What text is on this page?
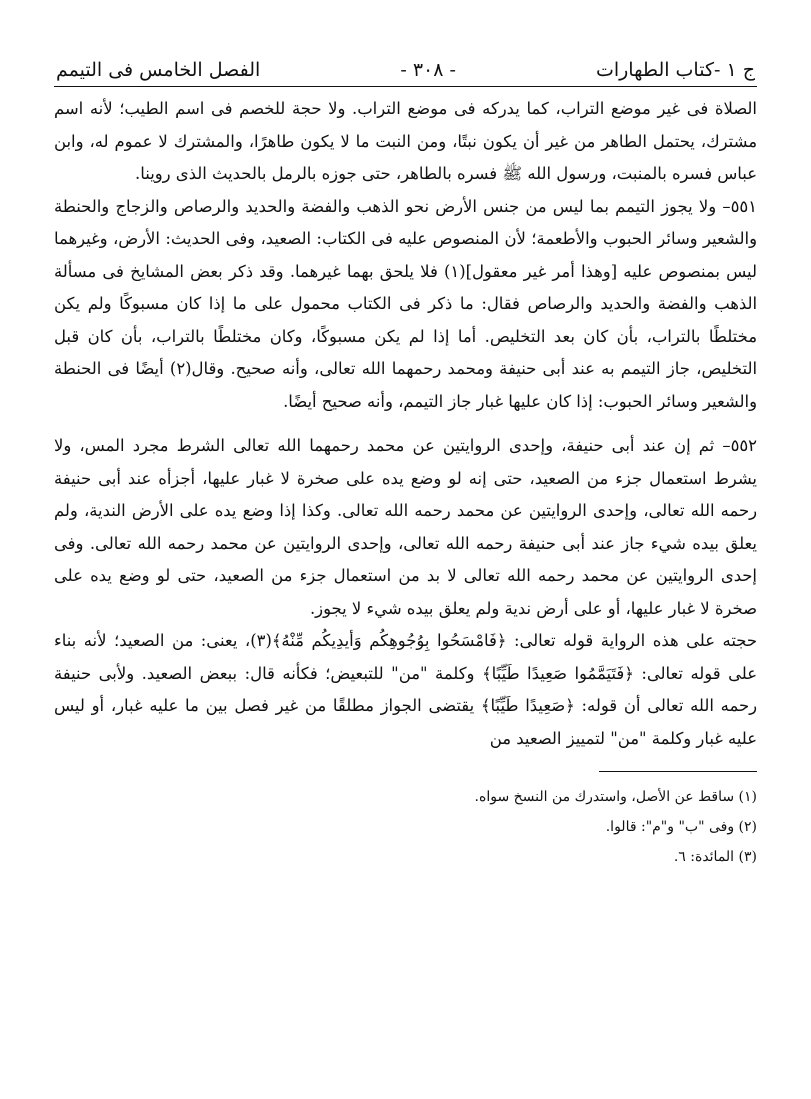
ج ١ -كتاب الطهارات
- ٣٠٨ -
الفصل الخامس فى التيمم

الصلاة فى غير موضع التراب، كما يدركه فى موضع التراب. ولا حجة للخصم فى اسم الطيب؛ لأنه اسم مشترك، يحتمل الطاهر من غير أن يكون نبتًا، ومن النبت ما لا يكون طاهرًا، والمشترك لا عموم له، وابن عباس فسره بالمنبت، ورسول الله ﷺ فسره بالطاهر، حتى جوزه بالرمل بالحديث الذى روينا.

٥٥١– ولا يجوز التيمم بما ليس من جنس الأرض نحو الذهب والفضة والحديد والرصاص والزجاج والحنطة والشعير وسائر الحبوب والأطعمة؛ لأن المنصوص عليه فى الكتاب: الصعيد، وفى الحديث: الأرض، وغيرهما ليس بمنصوص عليه [وهذا أمر غير معقول](١) فلا يلحق بهما غيرهما. وقد ذكر بعض المشايخ فى مسألة الذهب والفضة والحديد والرصاص فقال: ما ذكر فى الكتاب محمول على ما إذا كان مسبوكًا ولم يكن مختلطًا بالتراب، بأن كان بعد التخليص. أما إذا لم يكن مسبوكًا، وكان مختلطًا بالتراب، بأن كان قبل التخليص، جاز التيمم به عند أبى حنيفة ومحمد رحمهما الله تعالى، وأنه صحيح. وقال(٢) أيضًا فى الحنطة والشعير وسائر الحبوب: إذا كان عليها غبار جاز التيمم، وأنه صحيح أيضًا.

٥٥٢– ثم إن عند أبى حنيفة، وإحدى الروايتين عن محمد رحمهما الله تعالى الشرط مجرد المس، ولا يشرط استعمال جزء من الصعيد، حتى إنه لو وضع يده على صخرة لا غبار عليها، أجزأه عند أبى حنيفة رحمه الله تعالى، وإحدى الروايتين عن محمد رحمه الله تعالى. وكذا إذا وضع يده على الأرض الندية، ولم يعلق بيده شيء جاز عند أبى حنيفة رحمه الله تعالى، وإحدى الروايتين عن محمد رحمه الله تعالى. وفى إحدى الروايتين عن محمد رحمه الله تعالى لا بد من استعمال جزء من الصعيد، حتى لو وضع يده على صخرة لا غبار عليها، أو على أرض ندية ولم يعلق بيده شيء لا يجوز.

حجته على هذه الرواية قوله تعالى: ﴿فَامْسَحُوا بِوُجُوهِكُم وَأيدِيكُم مِّنْهُ﴾(٣)، يعنى: من الصعيد؛ لأنه بناء على قوله تعالى: ﴿فَتَيَمَّمُوا صَعِيدًا طَيِّبًا﴾ وكلمة "من" للتبعيض؛ فكأنه قال: ببعض الصعيد. ولأبى حنيفة رحمه الله تعالى أن قوله: ﴿صَعِيدًا طَيِّبًا﴾ يقتضى الجواز مطلقًا من غير فصل بين ما عليه غبار، أو ليس عليه غبار وكلمة "من" لتمييز الصعيد من

(١) ساقط عن الأصل، واستدرك من النسخ سواه.

(٢) وفى "ب" و"م": قالوا.

(٣) المائدة: ٦.
